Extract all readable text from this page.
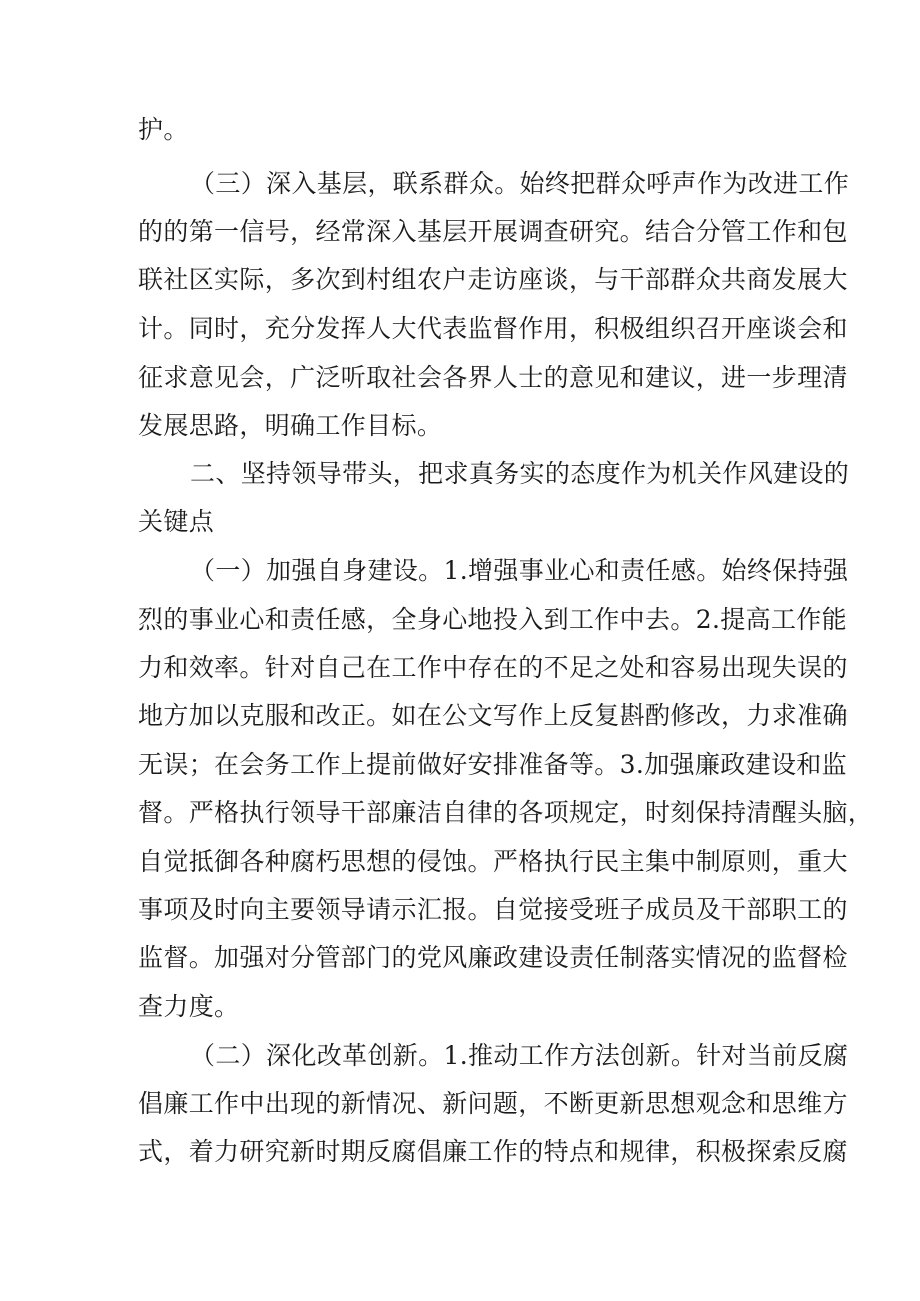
护。
（三）深入基层，联系群众。始终把群众呼声作为改进工作
的的第一信号，经常深入基层开展调查研究。结合分管工作和包
联社区实际，多次到村组农户走访座谈，与干部群众共商发展大
计。同时，充分发挥人大代表监督作用，积极组织召开座谈会和
征求意见会，广泛听取社会各界人士的意见和建议，进一步理清
发展思路，明确工作目标。
二、坚持领导带头，把求真务实的态度作为机关作风建设的
关键点
（一）加强自身建设。1.增强事业心和责任感。始终保持强
烈的事业心和责任感，全身心地投入到工作中去。2.提高工作能
力和效率。针对自己在工作中存在的不足之处和容易出现失误的
地方加以克服和改正。如在公文写作上反复斟酌修改，力求准确
无误；在会务工作上提前做好安排准备等。3.加强廉政建设和监
督。严格执行领导干部廉洁自律的各项规定，时刻保持清醒头脑，
自觉抵御各种腐朽思想的侵蚀。严格执行民主集中制原则，重大
事项及时向主要领导请示汇报。自觉接受班子成员及干部职工的
监督。加强对分管部门的党风廉政建设责任制落实情况的监督检
查力度。
（二）深化改革创新。1.推动工作方法创新。针对当前反腐
倡廉工作中出现的新情况、新问题，不断更新思想观念和思维方
式，着力研究新时期反腐倡廉工作的特点和规律，积极探索反腐
